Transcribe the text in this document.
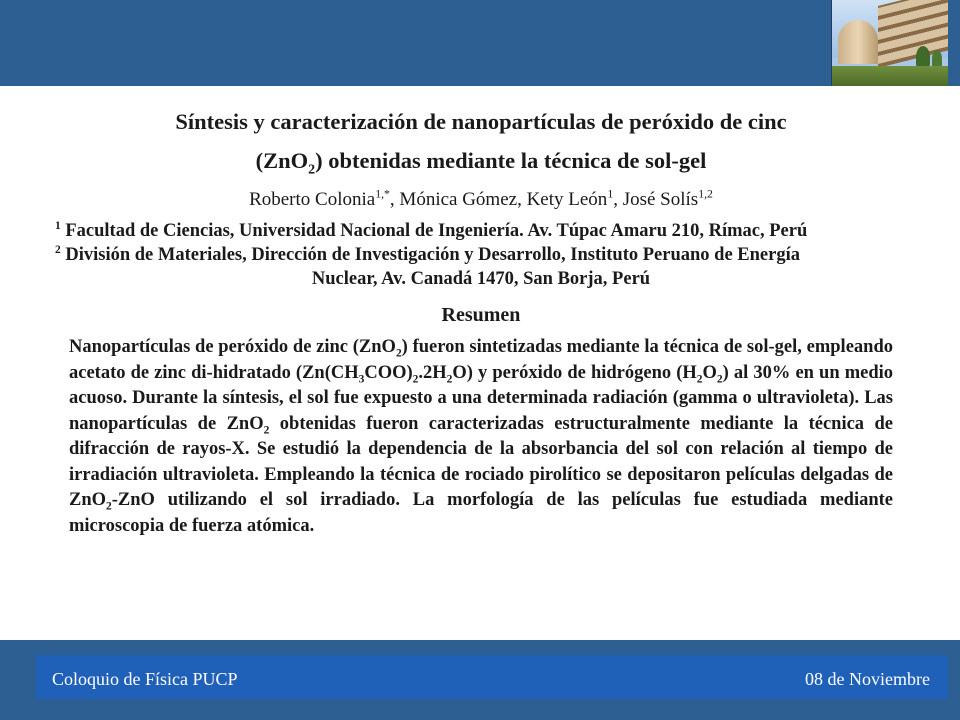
Síntesis y caracterización de nanopartículas de peróxido de cinc
(ZnO$_2$) obtenidas mediante la técnica de sol-gel
Roberto Colonia$^{1,*}$, Mónica Gómez, Kety León$^1$, José Solís$^{1,2}$
$^1$ Facultad de Ciencias, Universidad Nacional de Ingeniería. Av. Túpac Amaru 210, Rímac, Perú
$^2$ División de Materiales, Dirección de Investigación y Desarrollo, Instituto Peruano de Energía
Nuclear, Av. Canadá 1470, San Borja, Perú
Resumen
Nanopartículas de peróxido de zinc (ZnO$_2$) fueron sintetizadas mediante la técnica de sol-gel, empleando acetato de zinc di-hidratado $(Zn(CH_3COO)_2.2H_2O)$ y peróxido de hidrógeno $(H_2O_2)$ al 30% en un medio acuoso. Durante la síntesis, el sol fue expuesto a una determinada radiación (gamma o ultravioleta). Las nanopartículas de ZnO$_2$ obtenidas fueron caracterizadas estructuralmente mediante la técnica de difracción de rayos-X. Se estudió la dependencia de la absorbancia del sol con relación al tiempo de irradiación ultravioleta. Empleando la técnica de rociado pirolítico se depositaron películas delgadas de ZnO$_2$-ZnO utilizando el sol irradiado. La morfología de las películas fue estudiada mediante microscopia de fuerza atómica.
Coloquio de Física PUCP	08 de Noviembre
